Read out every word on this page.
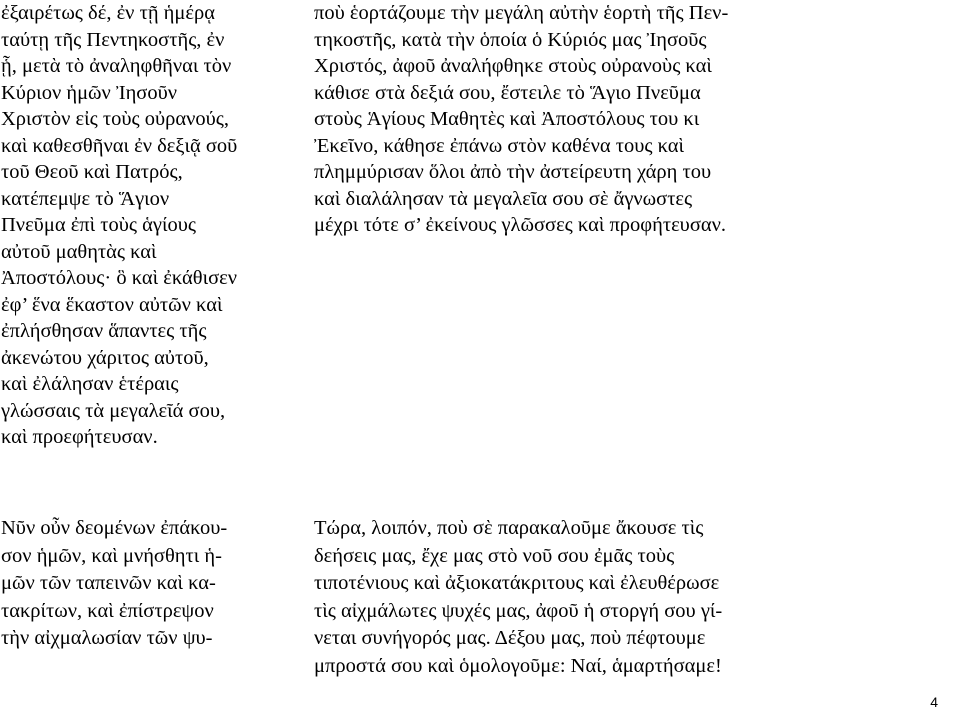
ἐξαιρέτως δέ, ἐν τῇ ἡμέρᾳ
ταύτῃ τῆς Πεντηκοστῆς, ἐν
ᾗ, μετὰ τὸ ἀναληφθῆναι τὸν
Κύριον ἡμῶν Ἰησοῦν
Χριστὸν εἰς τοὺς οὐρανούς,
καὶ καθεσθῆναι ἐν δεξιᾷ σοῦ
τοῦ Θεοῦ καὶ Πατρός,
κατέπεμψε τὸ Ἅγιον
Πνεῦμα ἐπὶ τοὺς ἁγίους
αὐτοῦ μαθητὰς καὶ
Ἀποστόλους· ὃ καὶ ἐκάθισεν
ἐφ’ ἕνα ἕκαστον αὐτῶν καὶ
ἐπλήσθησαν ἅπαντες τῆς
ἀκενώτου χάριτος αὐτοῦ,
καὶ ἐλάλησαν ἑτέραις
γλώσσαις τὰ μεγαλεῖά σου,
καὶ προεφήτευσαν.
ποὺ ἑορτάζουμε τὴν μεγάλη αὐτὴν ἑορτὴ τῆς Πεν-
τηκοστῆς, κατὰ τὴν ὁποία ὁ Κύριός μας Ἰησοῦς
Χριστός, ἀφοῦ ἀναλήφθηκε στοὺς οὐρανοὺς καὶ
κάθισε στὰ δεξιά σου, ἔστειλε τὸ Ἅγιο Πνεῦμα
στοὺς Ἁγίους Μαθητὲς καὶ Ἀποστόλους του κι
Ἐκεῖνο, κάθησε ἐπάνω στὸν καθένα τους καὶ
πλημμύρισαν ὅλοι ἀπὸ τὴν ἀστείρευτη χάρη του
καὶ διαλάλησαν τὰ μεγαλεῖα σου σὲ ἄγνωστες
μέχρι τότε σ’ ἐκείνους γλῶσσες καὶ προφήτευσαν.
Νῦν οὖν δεομένων ἐπάκου-
σον ἡμῶν, καὶ μνήσθητι ἡ-
μῶν τῶν ταπεινῶν καὶ κα-
τακρίτων, καὶ ἐπίστρεψον
τὴν αἰχμαλωσίαν τῶν ψυ-
Τώρα, λοιπόν, ποὺ σὲ παρακαλοῦμε ἄκουσε τὶς
δεήσεις μας, ἔχε μας στὸ νοῦ σου ἐμᾶς τοὺς
τιποτένιους καὶ ἀξιοκατάκριτους καὶ ἐλευθέρωσε
τὶς αἰχμάλωτες ψυχές μας, ἀφοῦ ἡ στοργή σου γί-
νεται συνήγορός μας. Δέξου μας, ποὺ πέφτουμε
μπροστά σου καὶ ὁμολογοῦμε: Ναί, ἁμαρτήσαμε!
4
